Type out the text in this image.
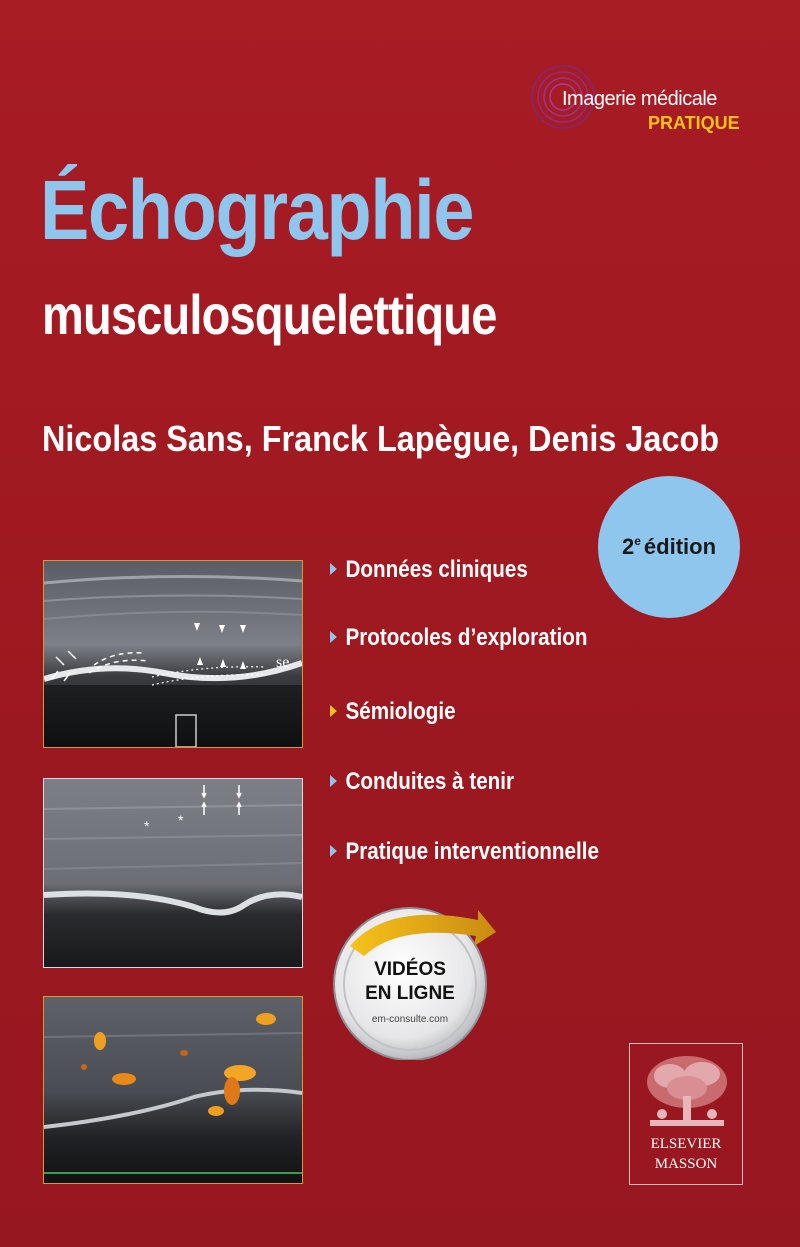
Imagerie médicale
PRATIQUE
Échographie
musculosquelettique
Nicolas Sans, Franck Lapègue, Denis Jacob
2e édition
se
* *
Données cliniques
Protocoles d’exploration
Sémiologie
Conduites à tenir
Pratique interventionnelle
VIDÉOS
EN LIGNE
em-consulte.com
ELSEVIER
MASSON
